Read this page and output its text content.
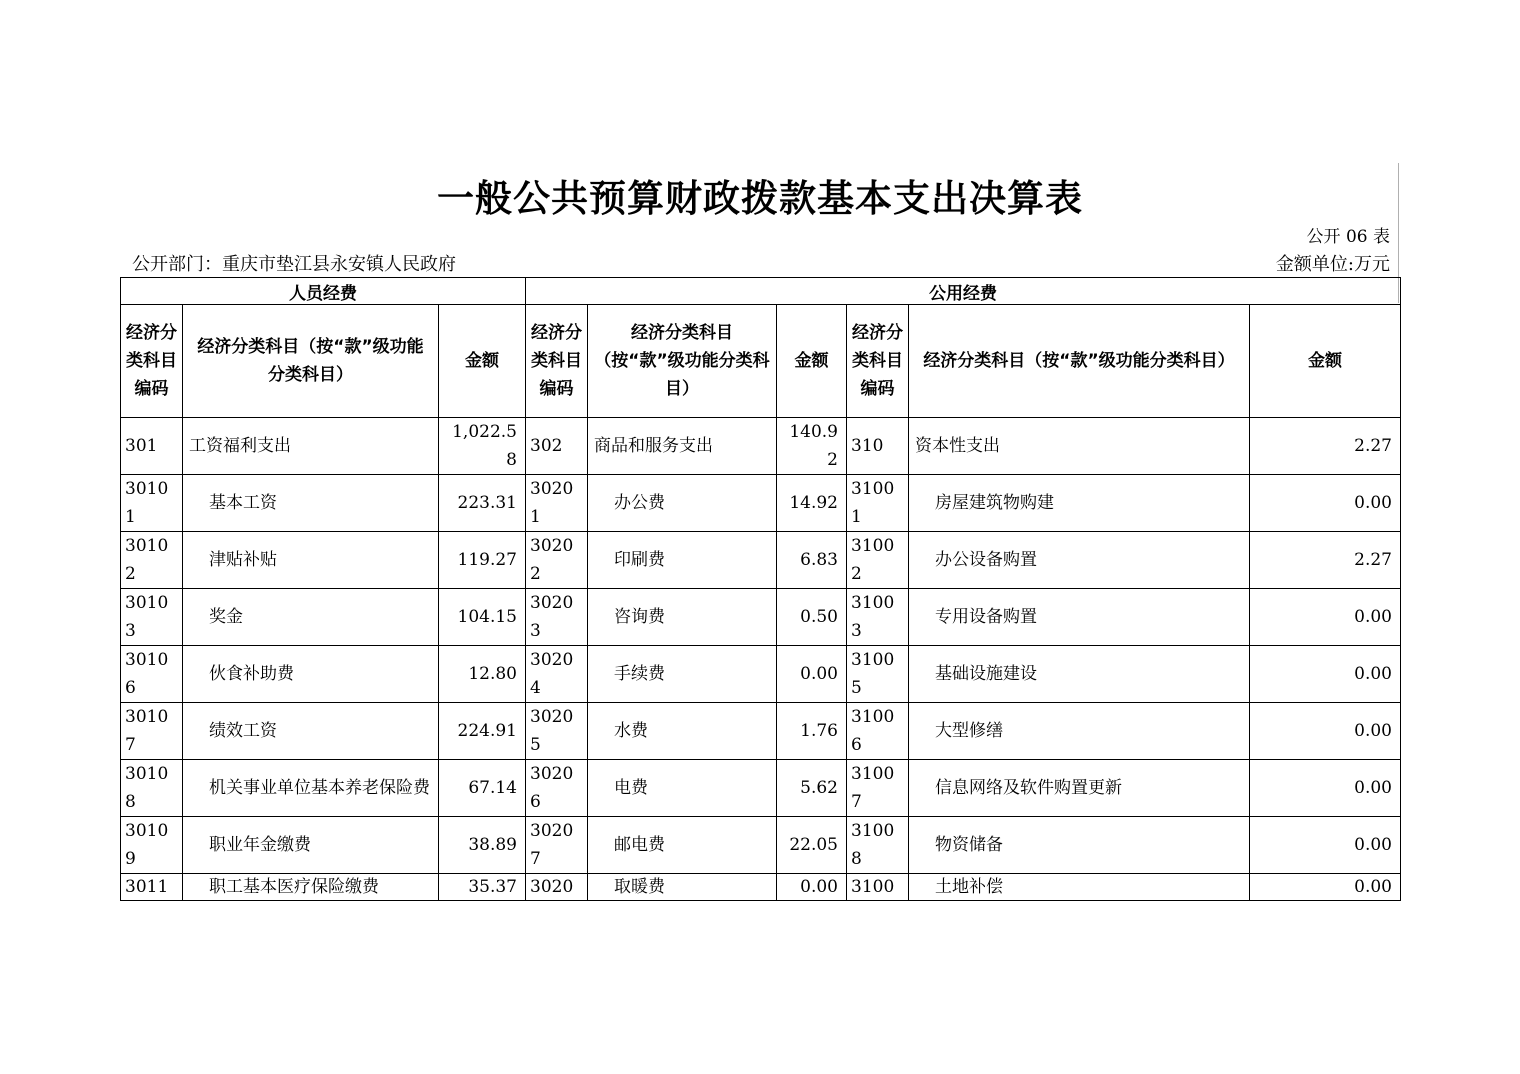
一般公共预算财政拨款基本支出决算表
公开 06 表
公开部门：重庆市垫江县永安镇人民政府	金额单位:万元
人员经费			公用经费					
经济分类科目编码	经济分类科目（按“款”级功能分类科目）	金额	经济分类科目编码	经济分类科目（按“款”级功能分类科目）	金额	经济分类科目编码	经济分类科目（按“款”级功能分类科目）	金额
301	工资福利支出	1,022.58	302	商品和服务支出	140.92	310	资本性支出	2.27
30101	基本工资	223.31	30201	办公费	14.92	31001	房屋建筑物购建	0.00
30102	津贴补贴	119.27	30202	印刷费	6.83	31002	办公设备购置	2.27
30103	奖金	104.15	30203	咨询费	0.50	31003	专用设备购置	0.00
30106	伙食补助费	12.80	30204	手续费	0.00	31005	基础设施建设	0.00
30107	绩效工资	224.91	30205	水费	1.76	31006	大型修缮	0.00
30108	机关事业单位基本养老保险费	67.14	30206	电费	5.62	31007	信息网络及软件购置更新	0.00
30109	职业年金缴费	38.89	30207	邮电费	22.05	31008	物资储备	0.00
3011	职工基本医疗保险缴费	35.37	3020	取暖费	0.00	3100	土地补偿	0.00
